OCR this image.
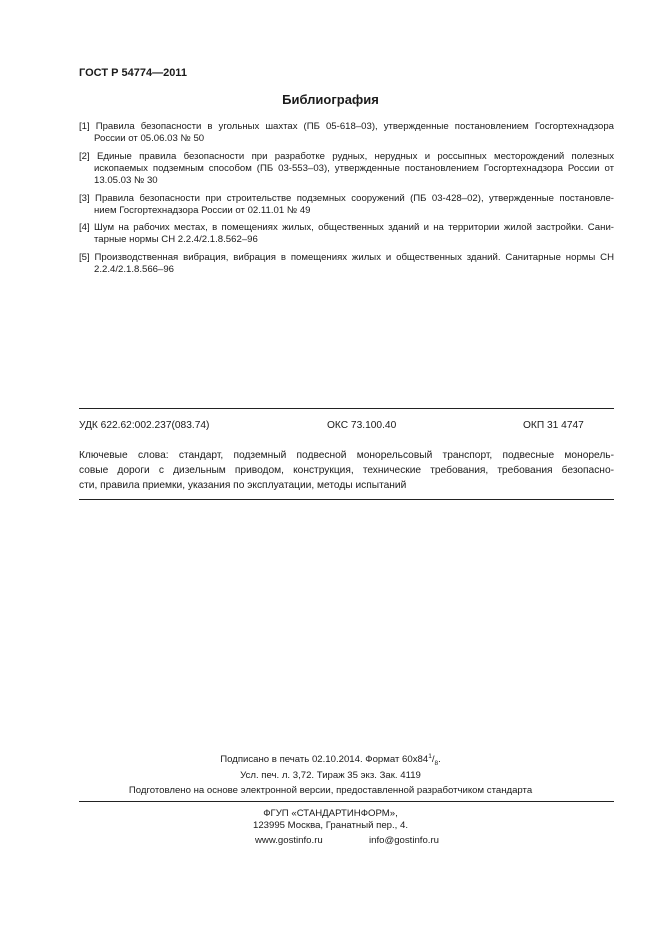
ГОСТ Р 54774—2011
Библиография
[1] Правила безопасности в угольных шахтах (ПБ 05-618–03), утвержденные постановлением Госгортехнадзора
России от 05.06.03 № 50
[2] Единые правила безопасности при разработке рудных, нерудных и россыпных месторождений полезных
ископаемых подземным способом (ПБ 03-553–03), утвержденные постановлением Госгортехнадзора России от 13.05.03 № 30
[3] Правила безопасности при строительстве подземных сооружений (ПБ 03-428–02), утвержденные постановле-
нием Госгортехнадзора России от 02.11.01 № 49
[4] Шум на рабочих местах, в помещениях жилых, общественных зданий и на территории жилой застройки. Сани-
тарные нормы СН 2.2.4/2.1.8.562–96
[5] Производственная вибрация, вибрация в помещениях жилых и общественных зданий. Санитарные нормы СН
2.2.4/2.1.8.566–96
УДК 622.62:002.237(083.74)	ОКС 73.100.40	ОКП 31 4747
Ключевые слова: стандарт, подземный подвесной монорельсовый транспорт, подвесные монорель-
совые дороги с дизельным приводом, конструкция, технические требования, требования безопасно-
сти, правила приемки, указания по эксплуатации, методы испытаний
Подписано в печать 02.10.2014. Формат $60x84^1/_8$.
Усл. печ. л. 3,72. Тираж 35 экз. Зак. 4119
Подготовлено на основе электронной версии, предоставленной разработчиком стандарта
ФГУП «СТАНДАРТИНФОРМ»,
123995 Москва, Гранатный пер., 4.
www.gostinfo.ru	info@gostinfo.ru
